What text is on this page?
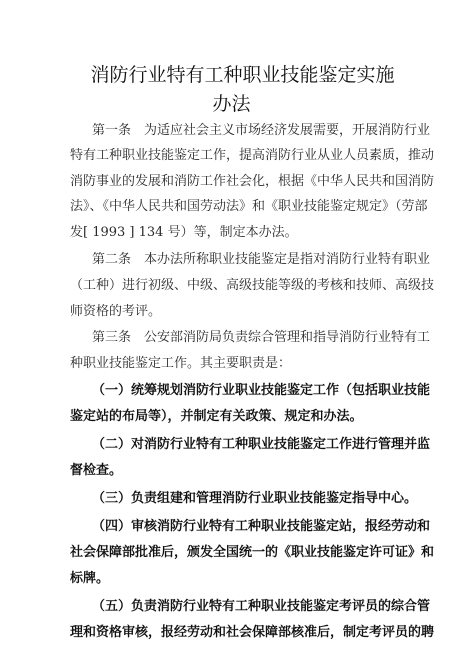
消防行业特有工种职业技能鉴定实施
办法
第一条　为适应社会主义市场经济发展需要，开展消防行业
特有工种职业技能鉴定工作，提高消防行业从业人员素质，推动
消防事业的发展和消防工作社会化，根据《中华人民共和国消防
法》、《中华人民共和国劳动法》和《职业技能鉴定规定》（劳部
发[ 1993 ] 134 号）等，制定本办法。
第二条　本办法所称职业技能鉴定是指对消防行业特有职业
（工种）进行初级、中级、高级技能等级的考核和技师、高级技
师资格的考评。
第三条　公安部消防局负责综合管理和指导消防行业特有工
种职业技能鉴定工作。其主要职责是：
（一）统筹规划消防行业职业技能鉴定工作（包括职业技能
鉴定站的布局等），并制定有关政策、规定和办法。
（二）对消防行业特有工种职业技能鉴定工作进行管理并监
督检查。
（三）负责组建和管理消防行业职业技能鉴定指导中心。
（四）审核消防行业特有工种职业技能鉴定站，报经劳动和
社会保障部批准后，颁发全国统一的《职业技能鉴定许可证》和
标牌。
（五）负责消防行业特有工种职业技能鉴定考评员的综合管
理和资格审核，报经劳动和社会保障部核准后，制定考评员的聘
